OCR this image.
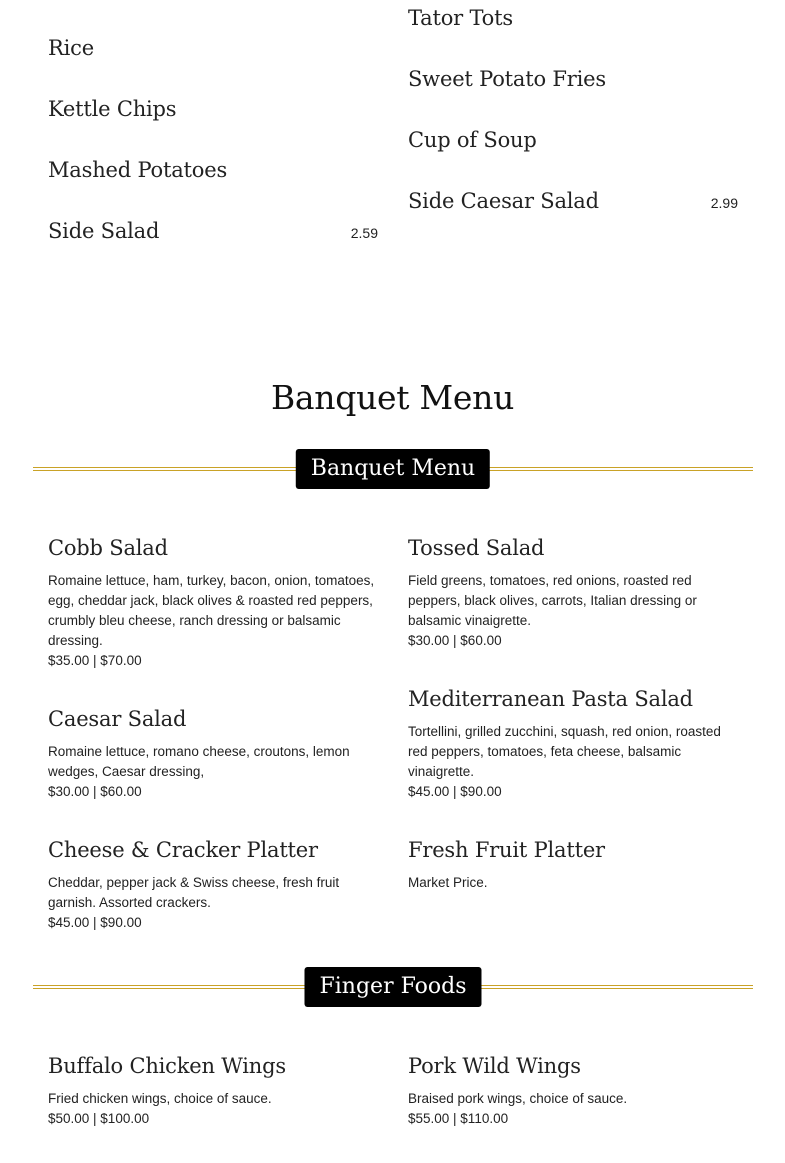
Rice
Kettle Chips
Mashed Potatoes
Side Salad	2.59
Tator Tots
Sweet Potato Fries
Cup of Soup
Side Caesar Salad	2.99
Banquet Menu
Banquet Menu
Cobb Salad

Romaine lettuce, ham, turkey, bacon, onion, tomatoes, egg, cheddar jack, black olives & roasted red peppers, crumbly bleu cheese, ranch dressing or balsamic dressing.

$35.00 | $70.00
Tossed Salad

Field greens, tomatoes, red onions, roasted red peppers, black olives, carrots, Italian dressing or balsamic vinaigrette.

$30.00 | $60.00
Caesar Salad

Romaine lettuce, romano cheese, croutons, lemon wedges, Caesar dressing,

$30.00 | $60.00
Mediterranean Pasta Salad

Tortellini, grilled zucchini, squash, red onion, roasted red peppers, tomatoes, feta cheese, balsamic vinaigrette.

$45.00 | $90.00
Cheese & Cracker Platter

Cheddar, pepper jack & Swiss cheese, fresh fruit garnish. Assorted crackers.

$45.00 | $90.00
Fresh Fruit Platter

Market Price.

Finger Foods
Buffalo Chicken Wings

Fried chicken wings, choice of sauce.

$50.00 | $100.00
Pork Wild Wings

Braised pork wings, choice of sauce.

$55.00 | $110.00
